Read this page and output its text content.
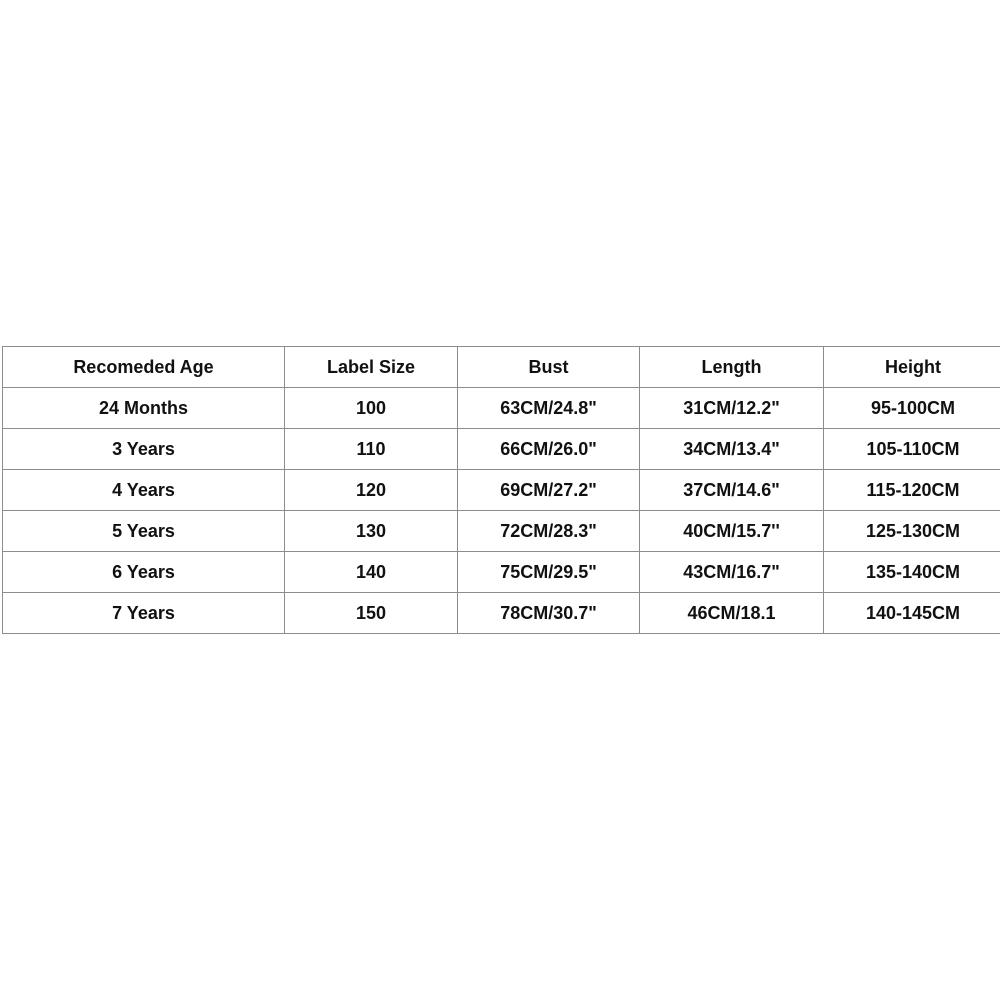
Recomeded Age	Label Size	Bust	Length	Height
24 Months	100	63CM/24.8"	31CM/12.2"	95-100CM
3 Years	110	66CM/26.0"	34CM/13.4"	105-110CM
4 Years	120	69CM/27.2"	37CM/14.6"	115-120CM
5 Years	130	72CM/28.3"	40CM/15.7''	125-130CM
6 Years	140	75CM/29.5"	43CM/16.7"	135-140CM
7 Years	150	78CM/30.7"	46CM/18.1	140-145CM
